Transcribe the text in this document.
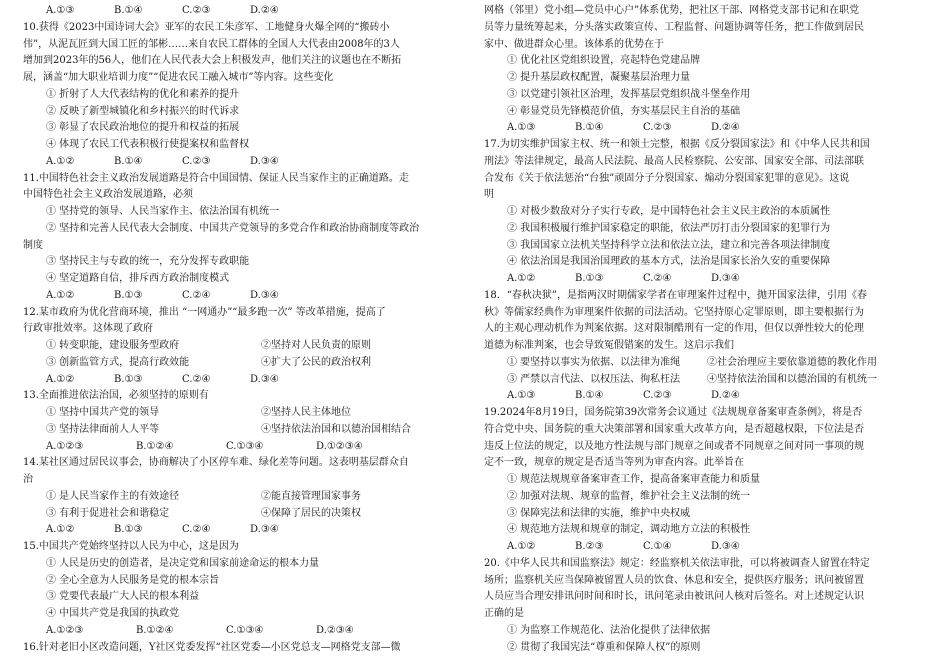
A.①③	B.①④	C.②③	D.②④
10.获得《2023中国诗词大会》亚军的农民工朱彦军、工地健身火爆全网的“搬砖小
伟”，从泥瓦匠到大国工匠的邹彬……来自农民工群体的全国人大代表由2008年的3人
增加到2023年的56人，他们在人民代表大会上积极发声，他们关注的议题也在不断拓
展，涵盖“加大职业培训力度”“促进农民工融入城市”等内容。这些变化
① 折射了人大代表结构的优化和素养的提升
② 反映了新型城镇化和乡村振兴的时代诉求
③ 彰显了农民政治地位的提升和权益的拓展
④ 体现了农民工代表积极行使提案权和监督权
A.①②	B.①④	C.②③	D.③④
11.中国特色社会主义政治发展道路是符合中国国情、保证人民当家作主的正确道路。走
中国特色社会主义政治发展道路，必须
① 坚持党的领导、人民当家作主、依法治国有机统一
② 坚持和完善人民代表大会制度、中国共产党领导的多党合作和政治协商制度等政治
制度
③ 坚持民主与专政的统一，充分发挥专政职能
④ 坚定道路自信，排斥西方政治制度模式
A.①②	B.①③	C.②④	D.③④
12.某市政府为优化营商环境，推出 “一网通办”“最多跑一次” 等改革措施，提高了
行政审批效率。这体现了政府
① 转变职能，建设服务型政府	②坚持对人民负责的原则
③ 创新监管方式，提高行政效能	④扩大了公民的政治权利
A.①②	B.①③	C.②④	D.③④
13.全面推进依法治国，必须坚持的原则有
① 坚持中国共产党的领导	②坚持人民主体地位
③ 坚持法律面前人人平等	④坚持依法治国和以德治国相结合
A.①②③	B.①②④	C.①③④	D.①②③④
14.某社区通过居民议事会，协商解决了小区停车难、绿化差等问题。这表明基层群众自
治
① 是人民当家作主的有效途径	②能直接管理国家事务
③ 有利于促进社会和谐稳定	④保障了居民的决策权
A.①②	B.①③	C.②④	D.③④
15.中国共产党始终坚持以人民为中心，这是因为
① 人民是历史的创造者，是决定党和国家前途命运的根本力量
② 全心全意为人民服务是党的根本宗旨
③ 党要代表最广大人民的根本利益
④ 中国共产党是我国的执政党
A.①②③	B.①②④	C.①③④	D.②③④
16.针对老旧小区改造问题，Y社区党委发挥“社区党委—小区党总支—网格党支部—微
网格（邻里）党小组—党员中心户”体系优势，把社区干部、网格党支部书记和在职党
员等力量统筹起来，分头落实政策宣传、工程监督、问题协调等任务，把工作做到居民
家中、做进群众心里。该体系的优势在于
① 优化社区党组织设置，亮起特色党建品牌
② 提升基层政权配置，凝聚基层治理力量
③ 以党建引领社区治理，发挥基层党组织战斗堡垒作用
④ 彰显党员先锋模范价值，夯实基层民主自治的基础
A.①③	B.①④	C.②③	D.②④
17.为切实维护国家主权、统一和领土完整，根据《反分裂国家法》和《中华人民共和国
刑法》等法律规定，最高人民法院、最高人民检察院、公安部、国家安全部、司法部联
合发布《关于依法惩治“台独”顽固分子分裂国家、煽动分裂国家犯罪的意见》。这说
明
① 对极少数敌对分子实行专政，是中国特色社会主义民主政治的本质属性
② 我国积极履行维护国家稳定的职能，依法严厉打击分裂国家的犯罪行为
③ 我国国家立法机关坚持科学立法和依法立法，建立和完善各项法律制度
④ 依法治国是我国治国理政的基本方式，法治是国家长治久安的重要保障
A.①②	B.①③	C.②④	D.③④
18．“春秋决狱”，是指两汉时期儒家学者在审理案件过程中，抛开国家法律，引用《春
秋》等儒家经典作为审理案件依据的司法活动。它坚持原心定罪原则，即主要根据行为
人的主观心理动机作为判案依据。这对限制酷刑有一定的作用，但仅以弹性较大的伦理
道德为标准判案，也会导致冤假错案的发生。这启示我们
① 要坚持以事实为依据、以法律为准绳	②社会治理应主要依靠道德的教化作用
③ 严禁以言代法、以权压法、徇私枉法	④坚持依法治国和以德治国的有机统一
A.①③	B.①④	C.②③	D.②④
19.2024年8月19日，国务院第39次常务会议通过《法规规章备案审查条例》，将是否
符合党中央、国务院的重大决策部署和国家重大改革方向，是否超越权限，下位法是否
违反上位法的规定，以及地方性法规与部门规章之间或者不同规章之间对同一事项的规
定不一致，规章的规定是否适当等列为审查内容。此举旨在
① 规范法规规章备案审查工作，提高备案审查能力和质量
② 加强对法规、规章的监督，维护社会主义法制的统一
③ 保障宪法和法律的实施，维护中央权威
④ 规范地方法规和规章的制定，调动地方立法的积极性
A.①②	B.②③	C.①④	D.③④
20.《中华人民共和国监察法》规定：经监察机关依法审批，可以将被调查人留置在特定
场所；监察机关应当保障被留置人员的饮食、休息和安全，提供医疗服务；讯问被留置
人员应当合理安排讯问时间和时长，讯问笔录由被讯问人核对后签名。对上述规定认识
正确的是
① 为监察工作规范化、法治化提供了法律依据
② 贯彻了我国宪法“尊重和保障人权”的原则
